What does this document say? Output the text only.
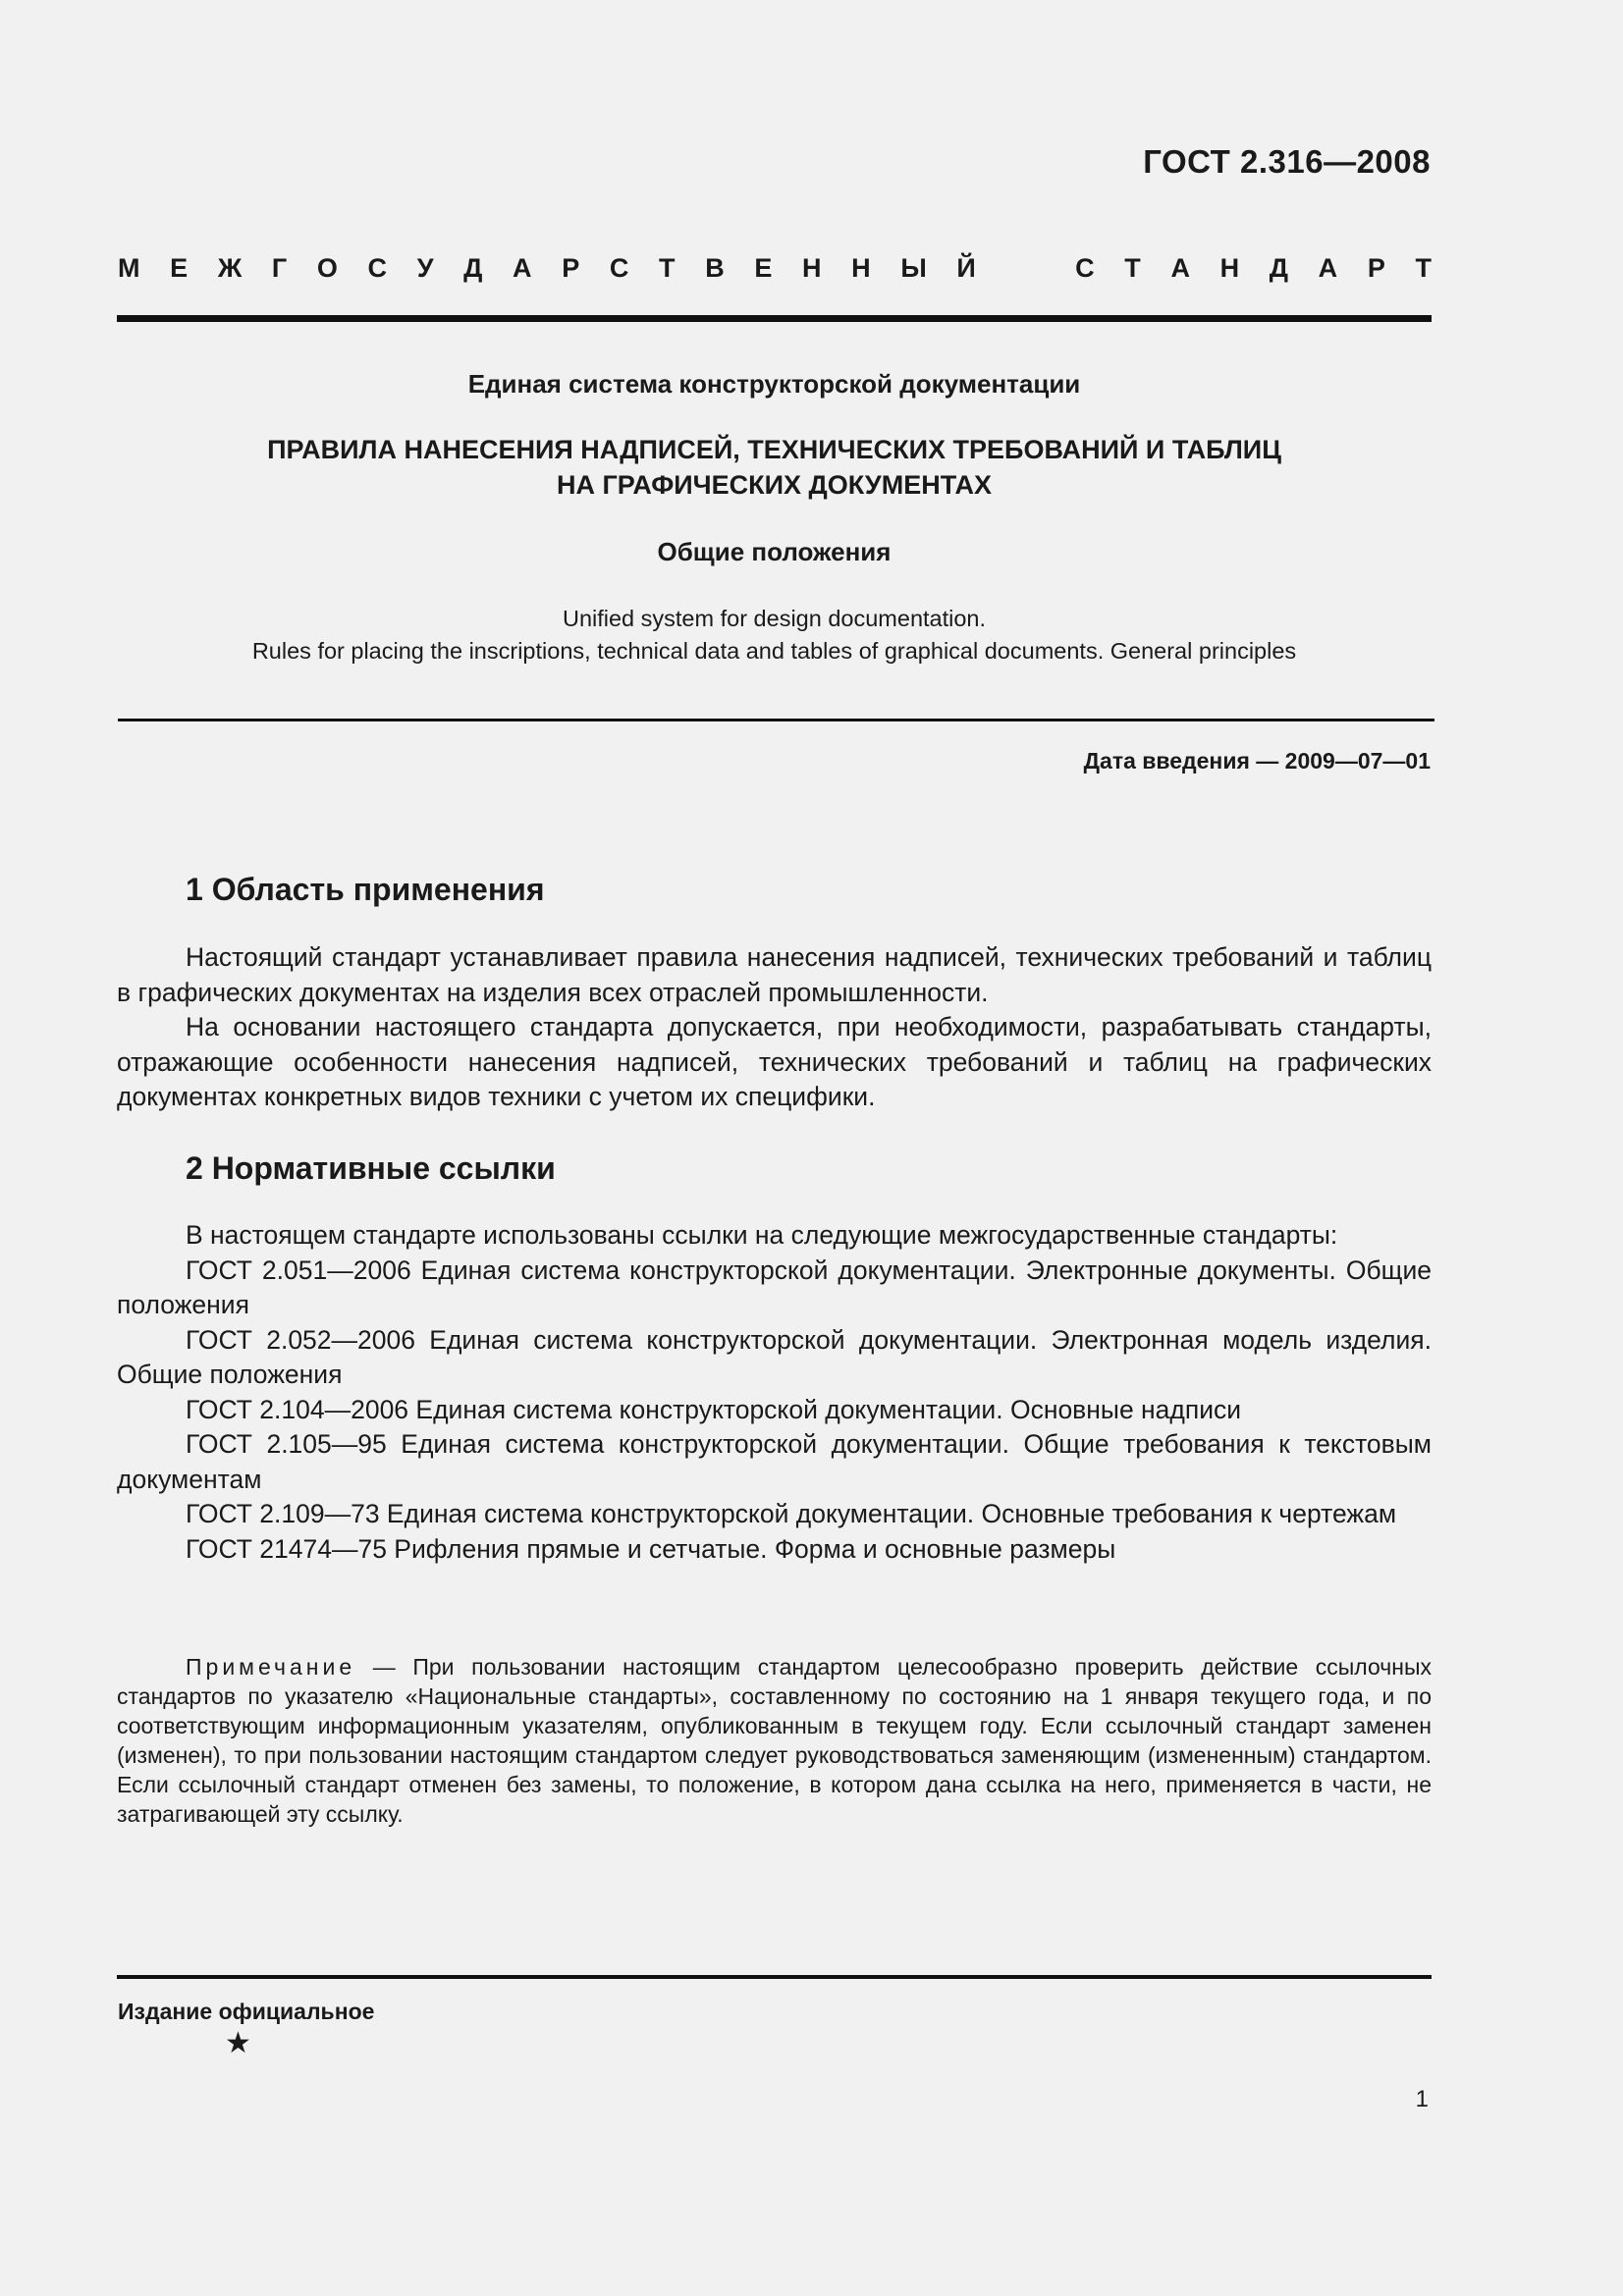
ГОСТ 2.316—2008
М Е Ж Г О С У Д А Р С Т В Е Н Н Ы Й	С Т А Н Д А Р Т
Единая система конструкторской документации
ПРАВИЛА НАНЕСЕНИЯ НАДПИСЕЙ, ТЕХНИЧЕСКИХ ТРЕБОВАНИЙ И ТАБЛИЦ
НА ГРАФИЧЕСКИХ ДОКУМЕНТАХ
Общие положения
Unified system for design documentation.
Rules for placing the inscriptions, technical data and tables of graphical documents. General principles
Дата введения — 2009—07—01
1 Область применения

Настоящий стандарт устанавливает правила нанесения надписей, технических требований и таблиц в графических документах на изделия всех отраслей промышленности.

На основании настоящего стандарта допускается, при необходимости, разрабатывать стандарты, отражающие особенности нанесения надписей, технических требований и таблиц на графических документах конкретных видов техники с учетом их специфики.

2 Нормативные ссылки

В настоящем стандарте использованы ссылки на следующие межгосударственные стандарты:

ГОСТ 2.051—2006 Единая система конструкторской документации. Электронные документы. Общие положения

ГОСТ 2.052—2006 Единая система конструкторской документации. Электронная модель изделия. Общие положения

ГОСТ 2.104—2006 Единая система конструкторской документации. Основные надписи

ГОСТ 2.105—95 Единая система конструкторской документации. Общие требования к текстовым документам

ГОСТ 2.109—73 Единая система конструкторской документации. Основные требования к чертежам

ГОСТ 21474—75 Рифления прямые и сетчатые. Форма и основные размеры

Примечание — При пользовании настоящим стандартом целесообразно проверить действие ссылочных стандартов по указателю «Национальные стандарты», составленному по состоянию на 1 января текущего года, и по соответствующим информационным указателям, опубликованным в текущем году. Если ссылочный стандарт заменен (изменен), то при пользовании настоящим стандартом следует руководствоваться заменяющим (измененным) стандартом. Если ссылочный стандарт отменен без замены, то положение, в котором дана ссылка на него, применяется в части, не затрагивающей эту ссылку.

Издание официальное
★
1
